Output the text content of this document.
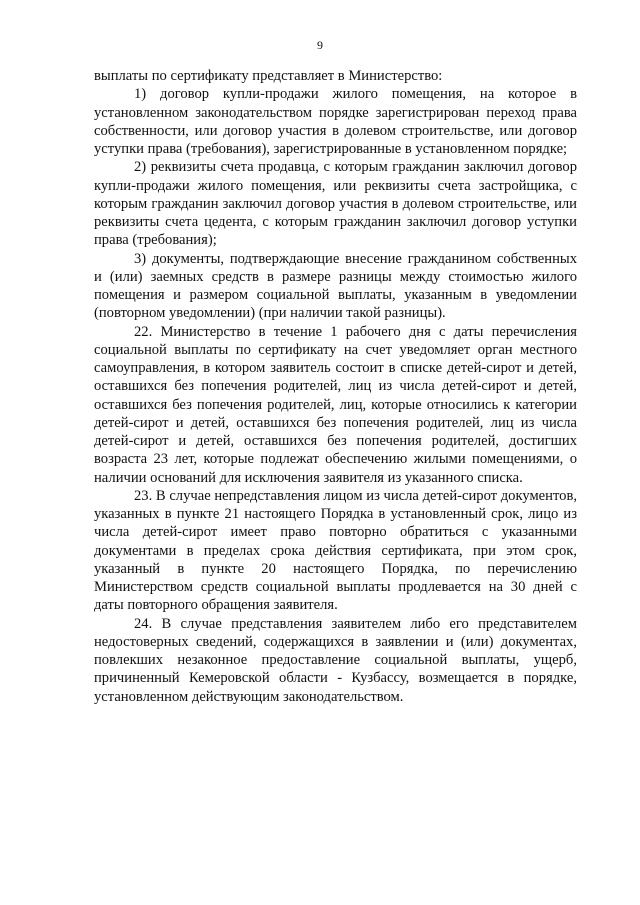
9

выплаты по сертификату представляет в Министерство:

1) договор купли-продажи жилого помещения, на которое в установленном законодательством порядке зарегистрирован переход права собственности, или договор участия в долевом строительстве, или договор уступки права (требования), зарегистрированные в установленном порядке;

2) реквизиты счета продавца, с которым гражданин заключил договор купли-продажи жилого помещения, или реквизиты счета застройщика, с которым гражданин заключил договор участия в долевом строительстве, или реквизиты счета цедента, с которым гражданин заключил договор уступки права (требования);

3) документы, подтверждающие внесение гражданином собственных и (или) заемных средств в размере разницы между стоимостью жилого помещения и размером социальной выплаты, указанным в уведомлении (повторном уведомлении) (при наличии такой разницы).

22. Министерство в течение 1 рабочего дня с даты перечисления социальной выплаты по сертификату на счет уведомляет орган местного самоуправления, в котором заявитель состоит в списке детей-сирот и детей, оставшихся без попечения родителей, лиц из числа детей-сирот и детей, оставшихся без попечения родителей, лиц, которые относились к категории детей-сирот и детей, оставшихся без попечения родителей, лиц из числа детей-сирот и детей, оставшихся без попечения родителей, достигших возраста 23 лет, которые подлежат обеспечению жилыми помещениями, о наличии оснований для исключения заявителя из указанного списка.

23. В случае непредставления лицом из числа детей-сирот документов, указанных в пункте 21 настоящего Порядка в установленный срок, лицо из числа детей-сирот имеет право повторно обратиться с указанными документами в пределах срока действия сертификата, при этом срок, указанный в пункте 20 настоящего Порядка, по перечислению Министерством средств социальной выплаты продлевается на 30 дней с даты повторного обращения заявителя.

24. В случае представления заявителем либо его представителем недостоверных сведений, содержащихся в заявлении и (или) документах, повлекших незаконное предоставление социальной выплаты, ущерб, причиненный Кемеровской области - Кузбассу, возмещается в порядке, установленном действующим законодательством.
